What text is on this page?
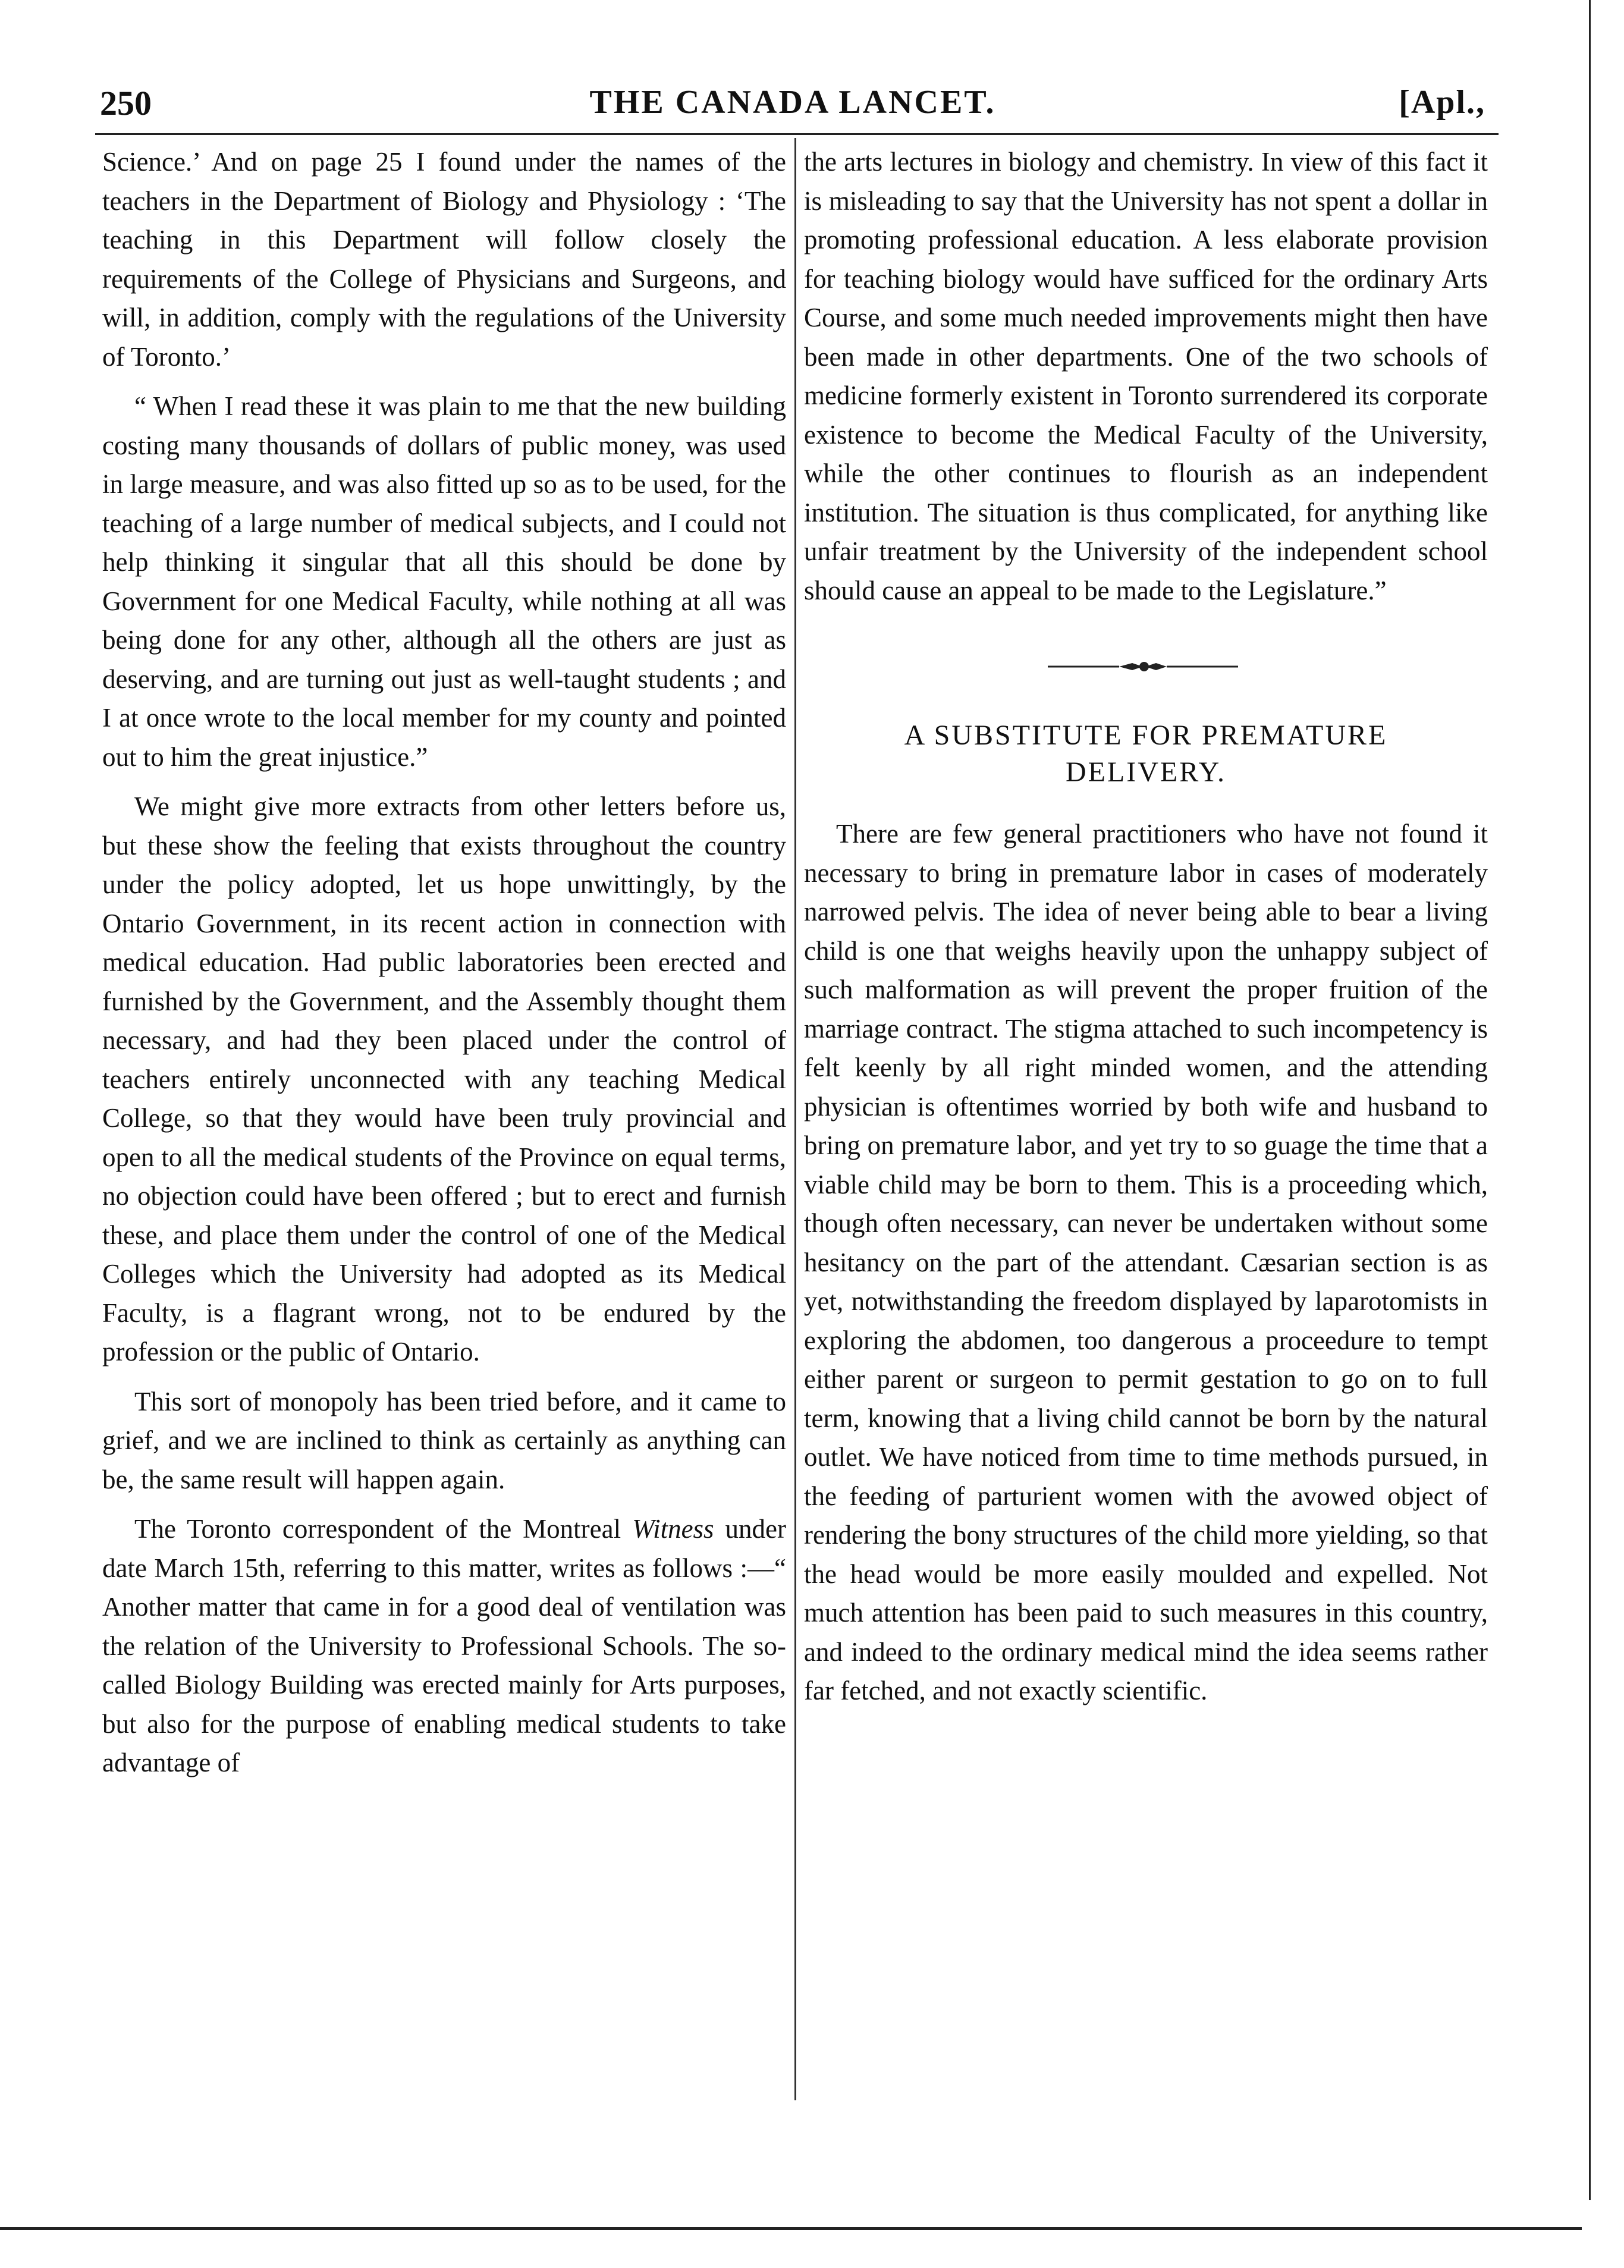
250	THE CANADA LANCET.	[Apl.,

Science.’ And on page 25 I found under the names of the teachers in the Department of Biology and Physiology : ‘The teaching in this Department will follow closely the requirements of the College of Physicians and Surgeons, and will, in addition, comply with the regulations of the University of Toronto.’

“ When I read these it was plain to me that the new building costing many thousands of dollars of public money, was used in large measure, and was also fitted up so as to be used, for the teaching of a large number of medical subjects, and I could not help thinking it singular that all this should be done by Government for one Medical Faculty, while nothing at all was being done for any other, although all the others are just as deserving, and are turning out just as well-taught students ; and I at once wrote to the local member for my county and pointed out to him the great injustice.”

We might give more extracts from other letters before us, but these show the feeling that exists throughout the country under the policy adopted, let us hope unwittingly, by the Ontario Government, in its recent action in connection with medical education. Had public laboratories been erected and furnished by the Government, and the Assembly thought them necessary, and had they been placed under the control of teachers entirely unconnected with any teaching Medical College, so that they would have been truly provincial and open to all the medical students of the Province on equal terms, no objection could have been offered ; but to erect and furnish these, and place them under the control of one of the Medical Colleges which the University had adopted as its Medical Faculty, is a flagrant wrong, not to be endured by the profession or the public of Ontario.

This sort of monopoly has been tried before, and it came to grief, and we are inclined to think as certainly as anything can be, the same result will happen again.

The Toronto correspondent of the Montreal Witness under date March 15th, referring to this matter, writes as follows :—“ Another matter that came in for a good deal of ventilation was the relation of the University to Professional Schools. The so-called Biology Building was erected mainly for Arts purposes, but also for the purpose of enabling medical students to take advantage of

the arts lectures in biology and chemistry. In view of this fact it is misleading to say that the University has not spent a dollar in promoting professional education. A less elaborate provision for teaching biology would have sufficed for the ordinary Arts Course, and some much needed improvements might then have been made in other departments. One of the two schools of medicine formerly existent in Toronto surrendered its corporate existence to become the Medical Faculty of the University, while the other continues to flourish as an independent institution. The situation is thus complicated, for anything like unfair treatment by the University of the independent school should cause an appeal to be made to the Legislature.”

A SUBSTITUTE FOR PREMATURE
DELIVERY.

There are few general practitioners who have not found it necessary to bring in premature labor in cases of moderately narrowed pelvis. The idea of never being able to bear a living child is one that weighs heavily upon the unhappy subject of such malformation as will prevent the proper fruition of the marriage contract. The stigma attached to such incompetency is felt keenly by all right minded women, and the attending physician is oftentimes worried by both wife and husband to bring on premature labor, and yet try to so guage the time that a viable child may be born to them. This is a proceeding which, though often necessary, can never be undertaken without some hesitancy on the part of the attendant. Cæsarian section is as yet, notwithstanding the freedom displayed by laparotomists in exploring the abdomen, too dangerous a proceedure to tempt either parent or surgeon to permit gestation to go on to full term, knowing that a living child cannot be born by the natural outlet. We have noticed from time to time methods pursued, in the feeding of parturient women with the avowed object of rendering the bony structures of the child more yielding, so that the head would be more easily moulded and expelled. Not much attention has been paid to such measures in this country, and indeed to the ordinary medical mind the idea seems rather far fetched, and not exactly scientific.
